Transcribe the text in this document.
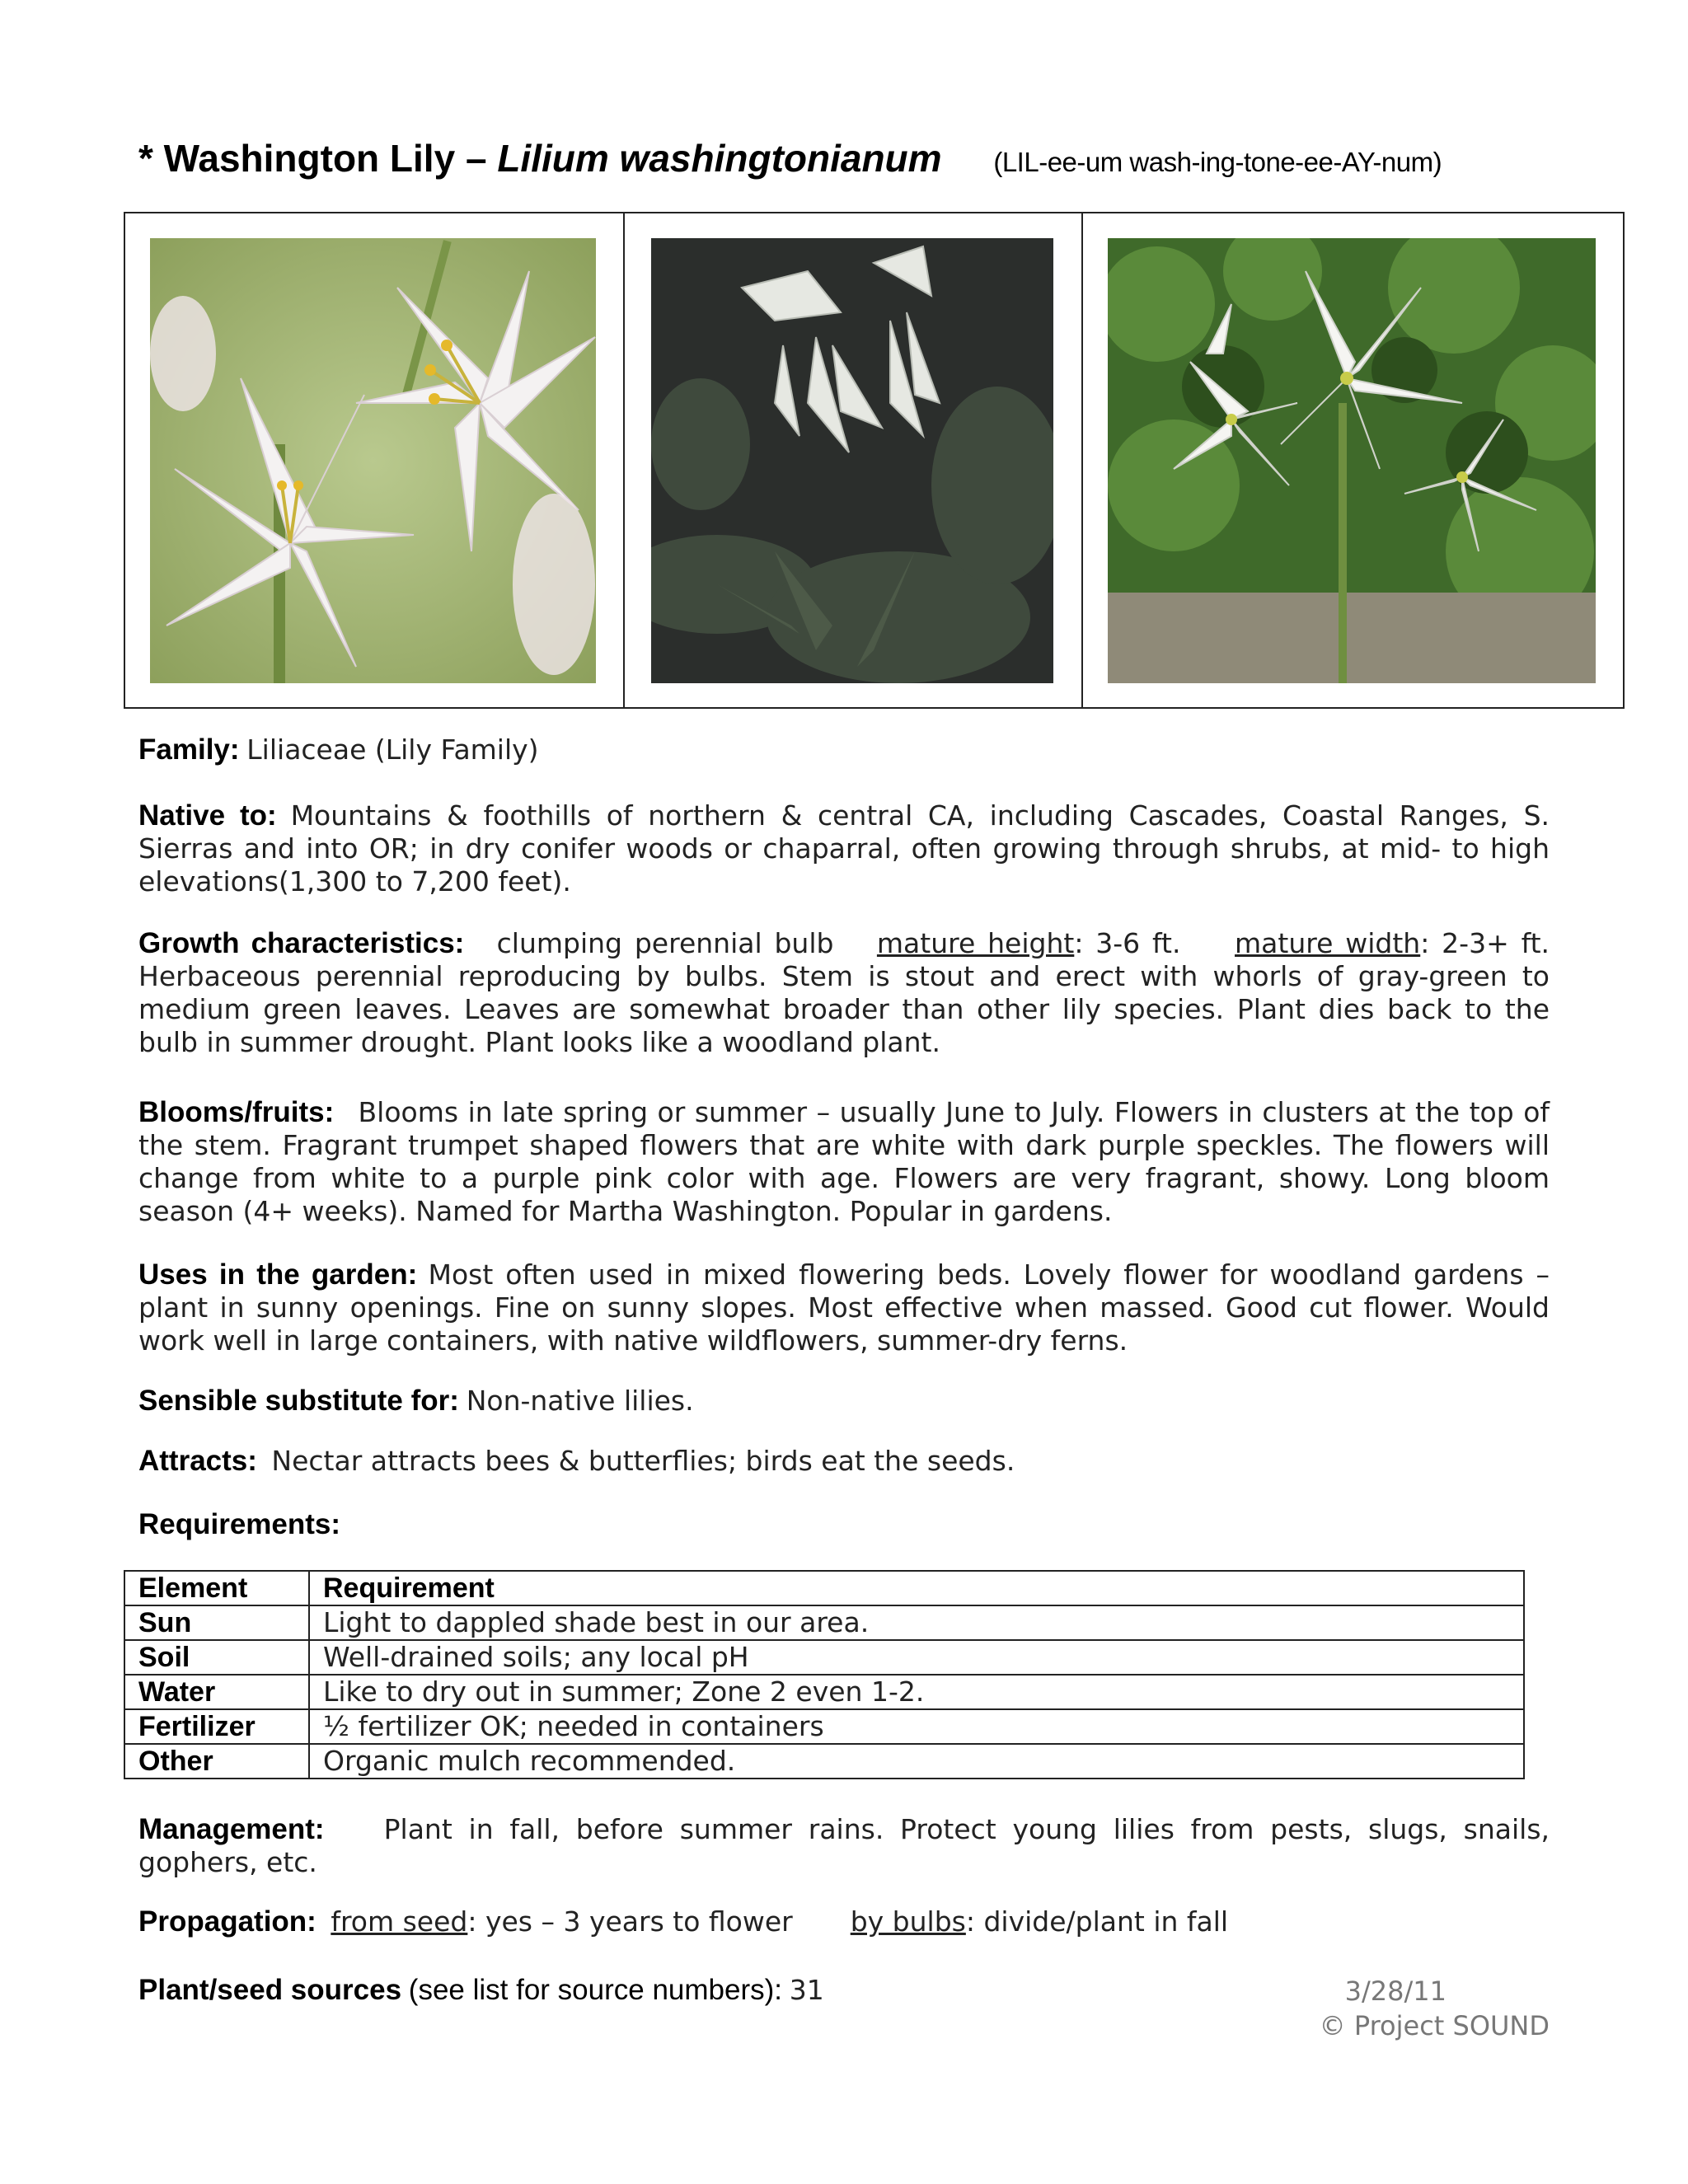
* Washington Lily – Lilium washingtonianum (LIL-ee-um wash-ing-tone-ee-AY-num)
Family: Liliaceae (Lily Family)
Native to: Mountains & foothills of northern & central CA, including Cascades, Coastal Ranges, S. Sierras and into OR; in dry conifer woods or chaparral, often growing through shrubs, at mid- to high elevations(1,300 to 7,200 feet).
Growth characteristics: clumping perennial bulb mature height: 3-6 ft. mature width: 2-3+ ft. Herbaceous perennial reproducing by bulbs. Stem is stout and erect with whorls of gray-green to medium green leaves. Leaves are somewhat broader than other lily species. Plant dies back to the bulb in summer drought. Plant looks like a woodland plant.
Blooms/fruits: Blooms in late spring or summer – usually June to July. Flowers in clusters at the top of the stem. Fragrant trumpet shaped flowers that are white with dark purple speckles. The flowers will change from white to a purple pink color with age. Flowers are very fragrant, showy. Long bloom season (4+ weeks). Named for Martha Washington. Popular in gardens.
Uses in the garden: Most often used in mixed flowering beds. Lovely flower for woodland gardens – plant in sunny openings. Fine on sunny slopes. Most effective when massed. Good cut flower. Would work well in large containers, with native wildflowers, summer-dry ferns.
Sensible substitute for: Non-native lilies.
Attracts: Nectar attracts bees & butterflies; birds eat the seeds.
Requirements:
Element	Requirement
Sun	Light to dappled shade best in our area.
Soil	Well-drained soils; any local pH
Water	Like to dry out in summer; Zone 2 even 1-2.
Fertilizer	½ fertilizer OK; needed in containers
Other	Organic mulch recommended.
Management: Plant in fall, before summer rains. Protect young lilies from pests, slugs, snails, gophers, etc.
Propagation: from seed: yes – 3 years to flower by bulbs: divide/plant in fall
Plant/seed sources (see list for source numbers): 31	3/28/11
© Project SOUND
